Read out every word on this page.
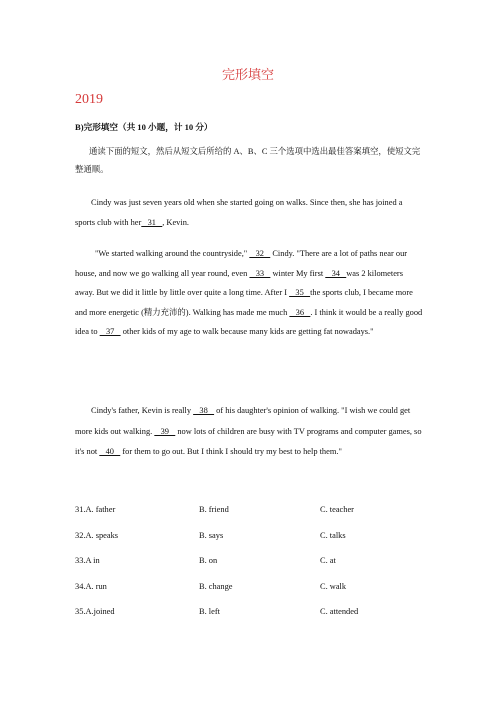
完形填空
2019
B)完形填空（共 10 小题，计 10 分）
通读下面的短文，然后从短文后所给的 A、B、C 三个选项中选出最佳答案填空，使短文完整通顺。
Cindy was just seven years old when she started going on walks. Since then, she has joined a sports club with her   31   , Kevin.
"We started walking around the countryside,"    32    Cindy. "There are a lot of paths near our house, and now we go walking all year round, even    33    winter My first    34   was 2 kilometers away. But we did it little by little over quite a long time. After I    35   the sports club, I became more and more energetic (精力充沛的). Walking has made me much    36   . I think it would be a really good idea to    37    other kids of my age to walk because many kids are getting fat nowadays."
Cindy's father, Kevin is really    38    of his daughter's opinion of walking. "I wish we could get more kids out walking.    39    now lots of children are busy with TV programs and computer games, so it's not    40    for them to go out. But I think I should try my best to help them."
31.A. father	B. friend	C. teacher
32.A. speaks	B. says	C. talks
33.A in	B. on	C. at
34.A. run	B. change	C. walk
35.A.joined	B. left	C. attended
